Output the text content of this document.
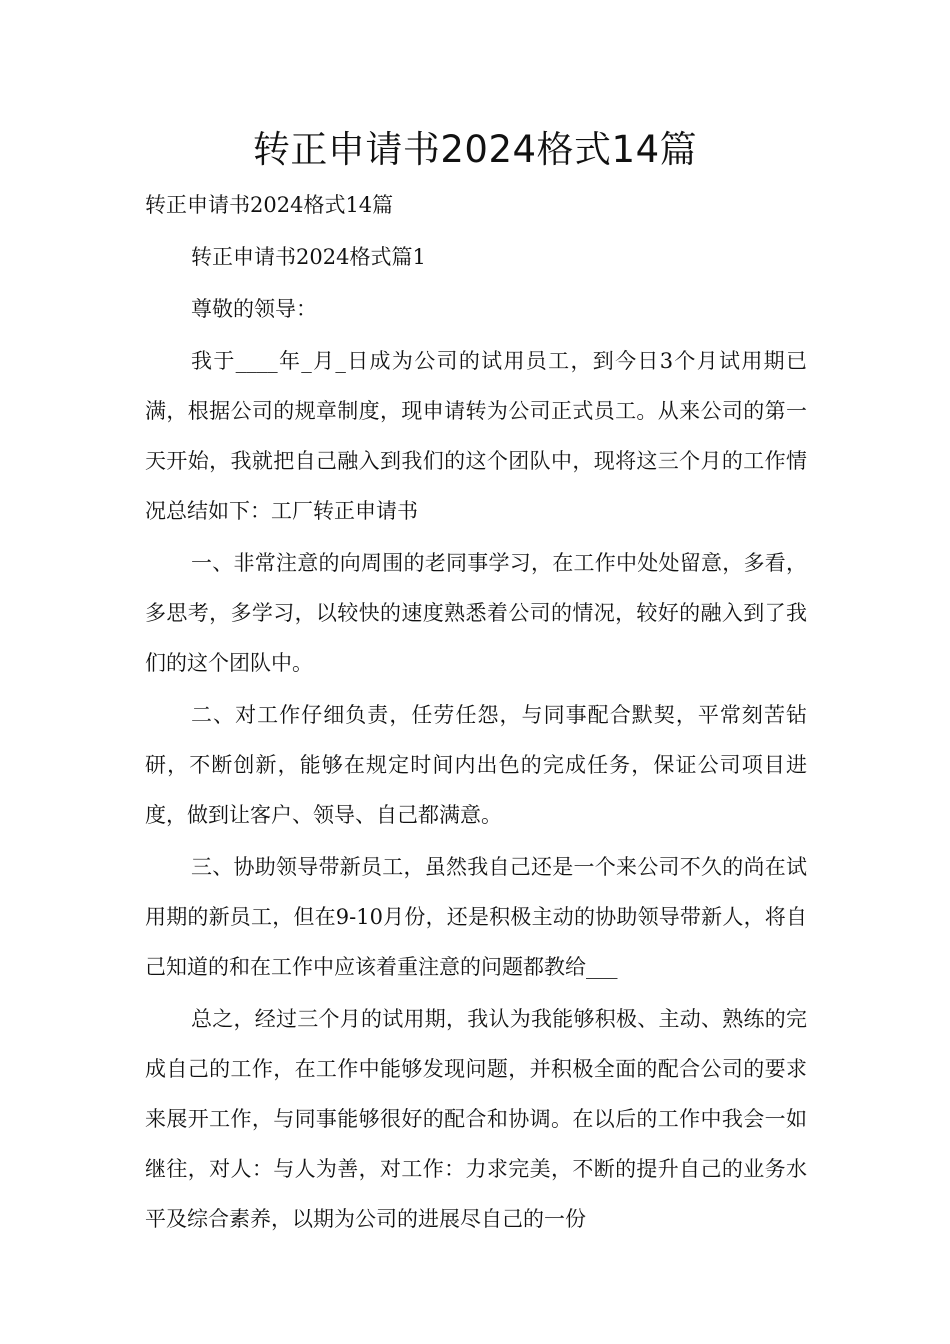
转正申请书2024格式14篇

转正申请书2024格式14篇

转正申请书2024格式篇1

尊敬的领导：

我于____年_月_日成为公司的试用员工，到今日3个月试用期已满，根据公司的规章制度，现申请转为公司正式员工。从来公司的第一天开始，我就把自己融入到我们的这个团队中，现将这三个月的工作情况总结如下：工厂转正申请书

一、非常注意的向周围的老同事学习，在工作中处处留意，多看，多思考，多学习，以较快的速度熟悉着公司的情况，较好的融入到了我们的这个团队中。

二、对工作仔细负责，任劳任怨，与同事配合默契，平常刻苦钻研，不断创新，能够在规定时间内出色的完成任务，保证公司项目进度，做到让客户、领导、自己都满意。

三、协助领导带新员工，虽然我自己还是一个来公司不久的尚在试用期的新员工，但在9-10月份，还是积极主动的协助领导带新人，将自己知道的和在工作中应该着重注意的问题都教给___

总之，经过三个月的试用期，我认为我能够积极、主动、熟练的完成自己的工作，在工作中能够发现问题，并积极全面的配合公司的要求来展开工作，与同事能够很好的配合和协调。在以后的工作中我会一如继往，对人：与人为善，对工作：力求完美，不断的提升自己的业务水平及综合素养，以期为公司的进展尽自己的一份
